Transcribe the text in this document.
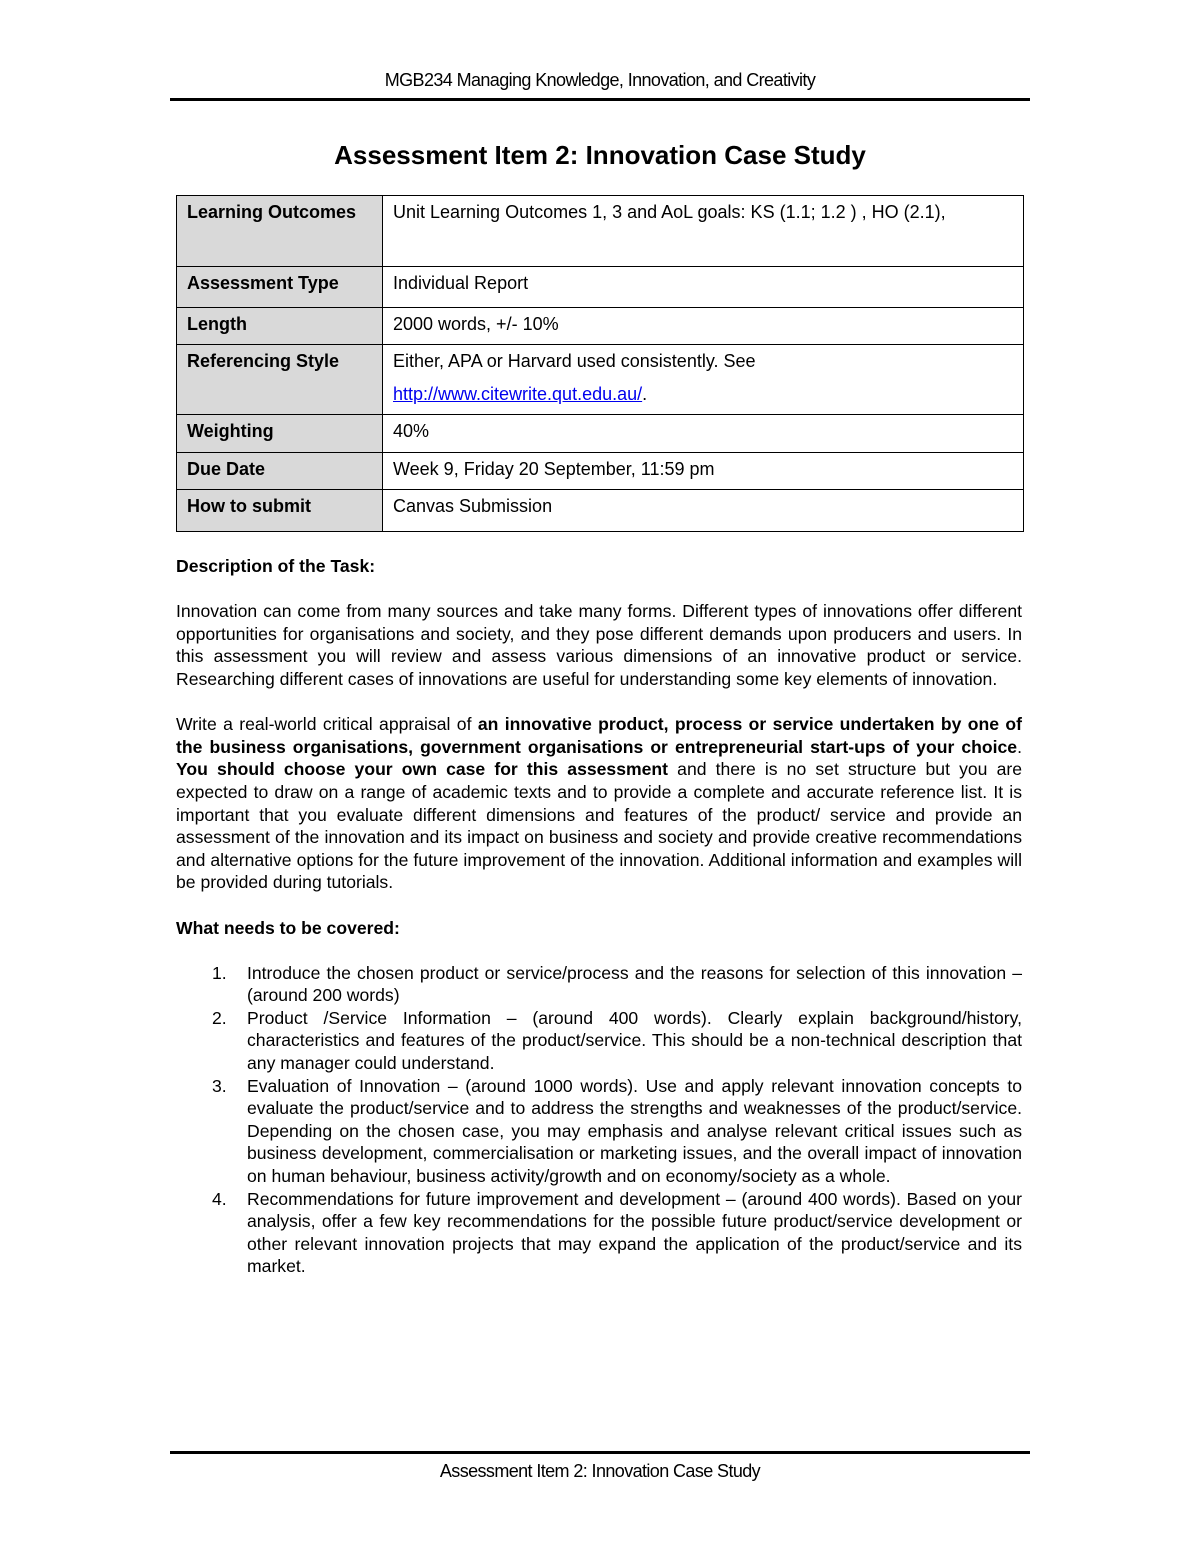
MGB234 Managing Knowledge, Innovation, and Creativity
Assessment Item 2: Innovation Case Study
Learning Outcomes	Unit Learning Outcomes 1, 3 and AoL goals: KS (1.1; 1.2 ) , HO (2.1),
Assessment Type	Individual Report
Length	2000 words, +/- 10%
Referencing Style	Either, APA or Harvard used consistently. See
http://www.citewrite.qut.edu.au/.
Weighting	40%
Due Date	Week 9, Friday 20 September, 11:59 pm
How to submit	Canvas Submission

Description of the Task:

Innovation can come from many sources and take many forms. Different types of innovations offer different opportunities for organisations and society, and they pose different demands upon producers and users. In this assessment you will review and assess various dimensions of an innovative product or service. Researching different cases of innovations are useful for understanding some key elements of innovation.

Write a real-world critical appraisal of an innovative product, process or service undertaken by one of the business organisations, government organisations or entrepreneurial start-ups of your choice. You should choose your own case for this assessment and there is no set structure but you are expected to draw on a range of academic texts and to provide a complete and accurate reference list. It is important that you evaluate different dimensions and features of the product/ service and provide an assessment of the innovation and its impact on business and society and provide creative recommendations and alternative options for the future improvement of the innovation. Additional information and examples will be provided during tutorials.

What needs to be covered:

1. Introduce the chosen product or service/process and the reasons for selection of this innovation – (around 200 words)
2. Product /Service Information – (around 400 words). Clearly explain background/history, characteristics and features of the product/service. This should be a non-technical description that any manager could understand.
3. Evaluation of Innovation – (around 1000 words). Use and apply relevant innovation concepts to evaluate the product/service and to address the strengths and weaknesses of the product/service. Depending on the chosen case, you may emphasis and analyse relevant critical issues such as business development, commercialisation or marketing issues, and the overall impact of innovation on human behaviour, business activity/growth and on economy/society as a whole.
4. Recommendations for future improvement and development – (around 400 words). Based on your analysis, offer a few key recommendations for the possible future product/service development or other relevant innovation projects that may expand the application of the product/service and its market.
Assessment Item 2: Innovation Case Study
